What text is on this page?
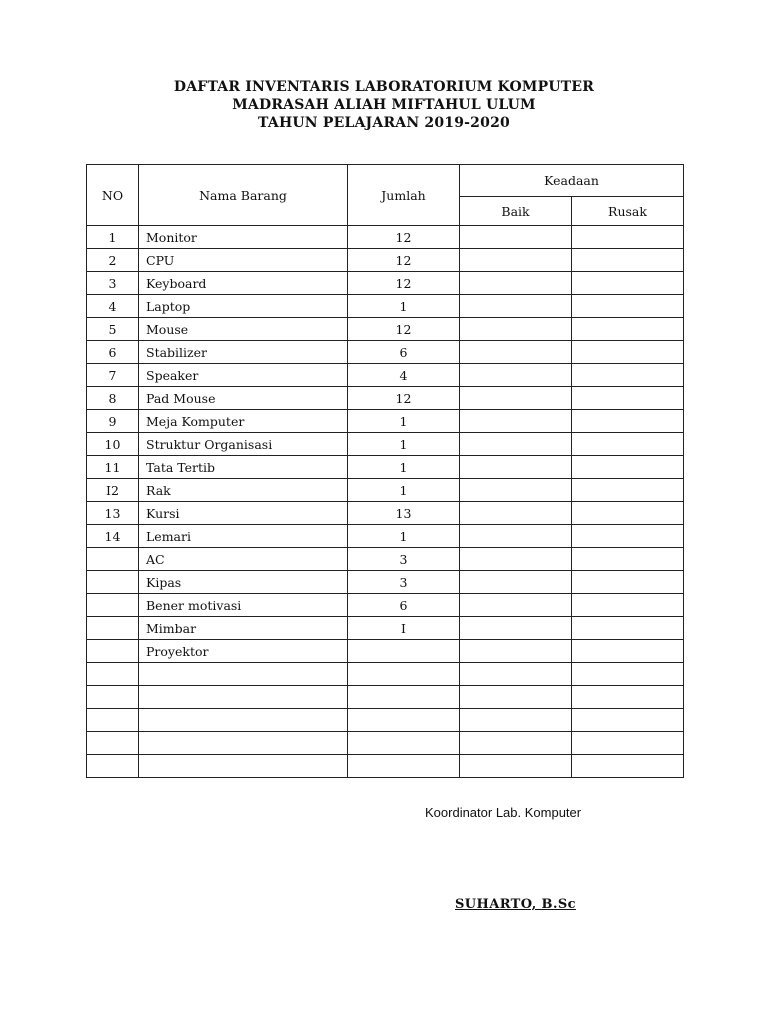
DAFTAR INVENTARIS LABORATORIUM KOMPUTER
MADRASAH ALIAH MIFTAHUL ULUM
TAHUN PELAJARAN 2019-2020
NO	Nama Barang	Jumlah	Keadaan	
			Baik	Rusak
1	Monitor	12		
2	CPU	12		
3	Keyboard	12		
4	Laptop	1		
5	Mouse	12		
6	Stabilizer	6		
7	Speaker	4		
8	Pad Mouse	12		
9	Meja Komputer	1		
10	Struktur Organisasi	1		
11	Tata Tertib	1		
I2	Rak	1		
13	Kursi	13		
14	Lemari	1		
	AC	3		
	Kipas	3		
	Bener motivasi	6		
	Mimbar	I		
	Proyektor			

Koordinator Lab. Komputer
SUHARTO, B.Sc
